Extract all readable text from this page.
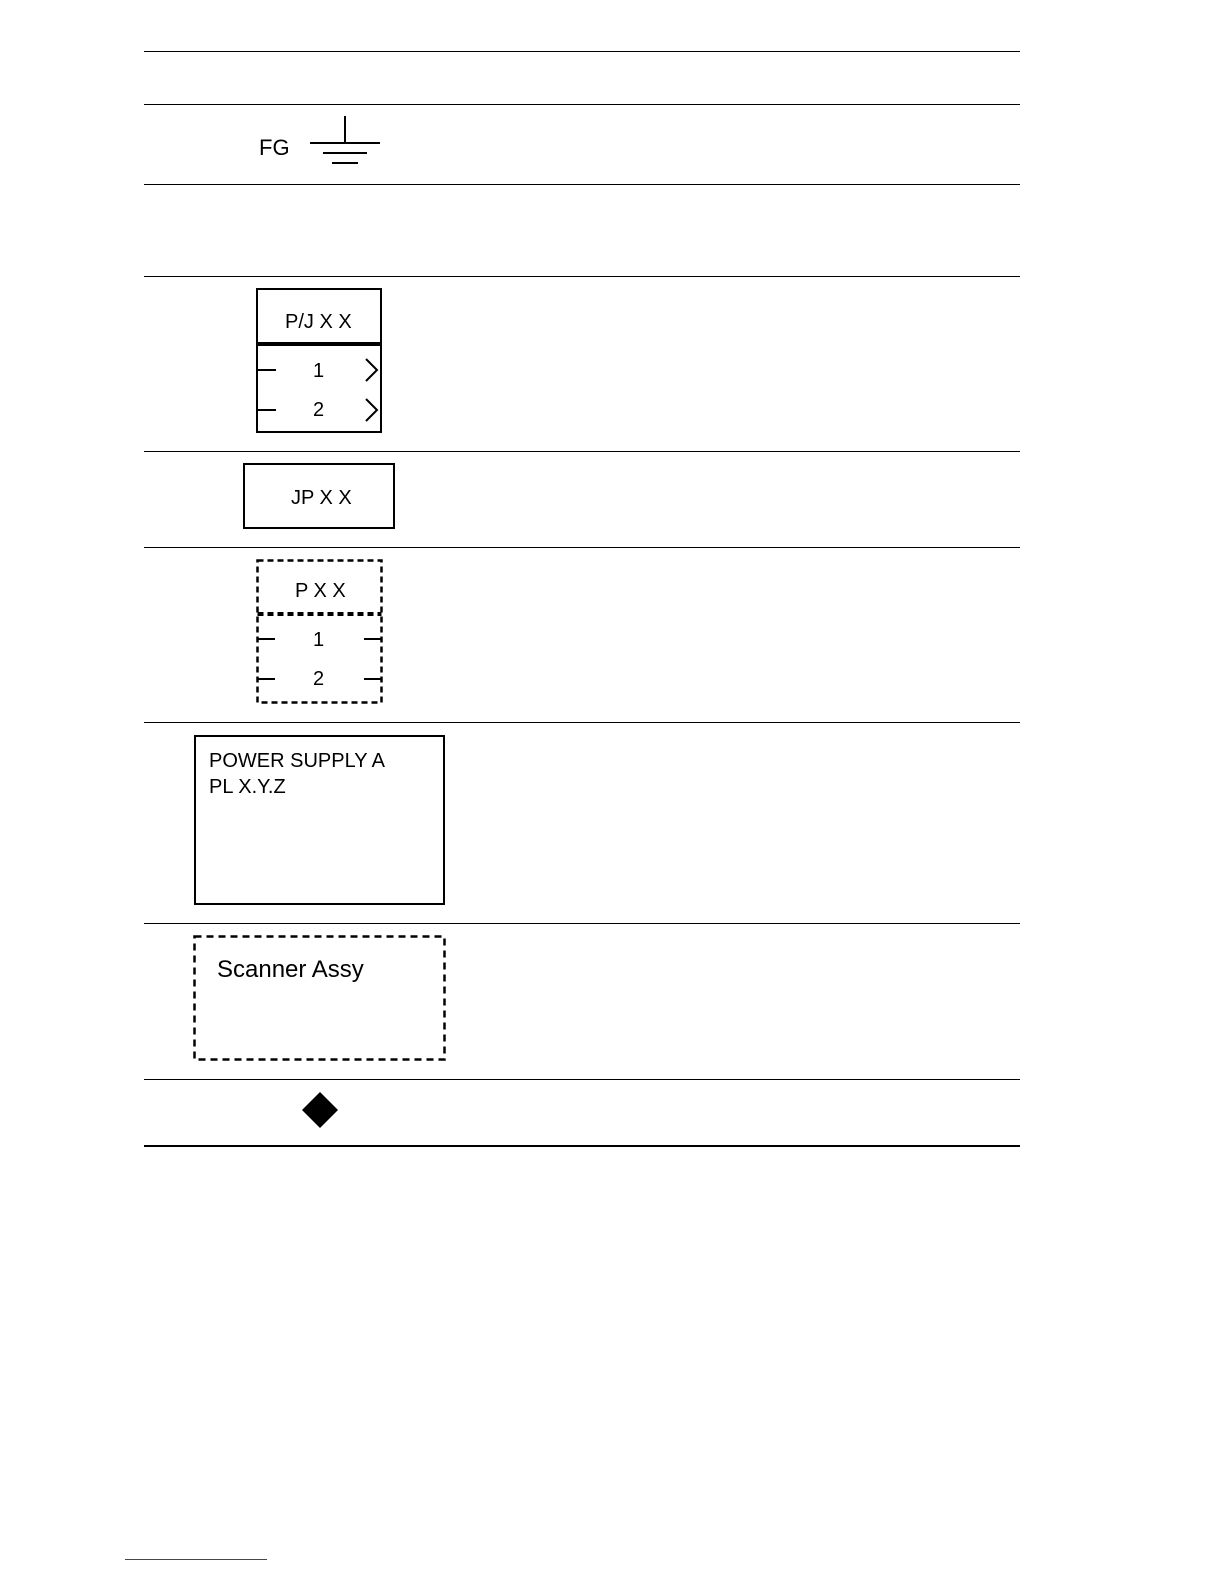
FG
P/J X X
1
2
JP X X
P X X
1
2
POWER SUPPLY A
PL X.Y.Z
Scanner Assy
